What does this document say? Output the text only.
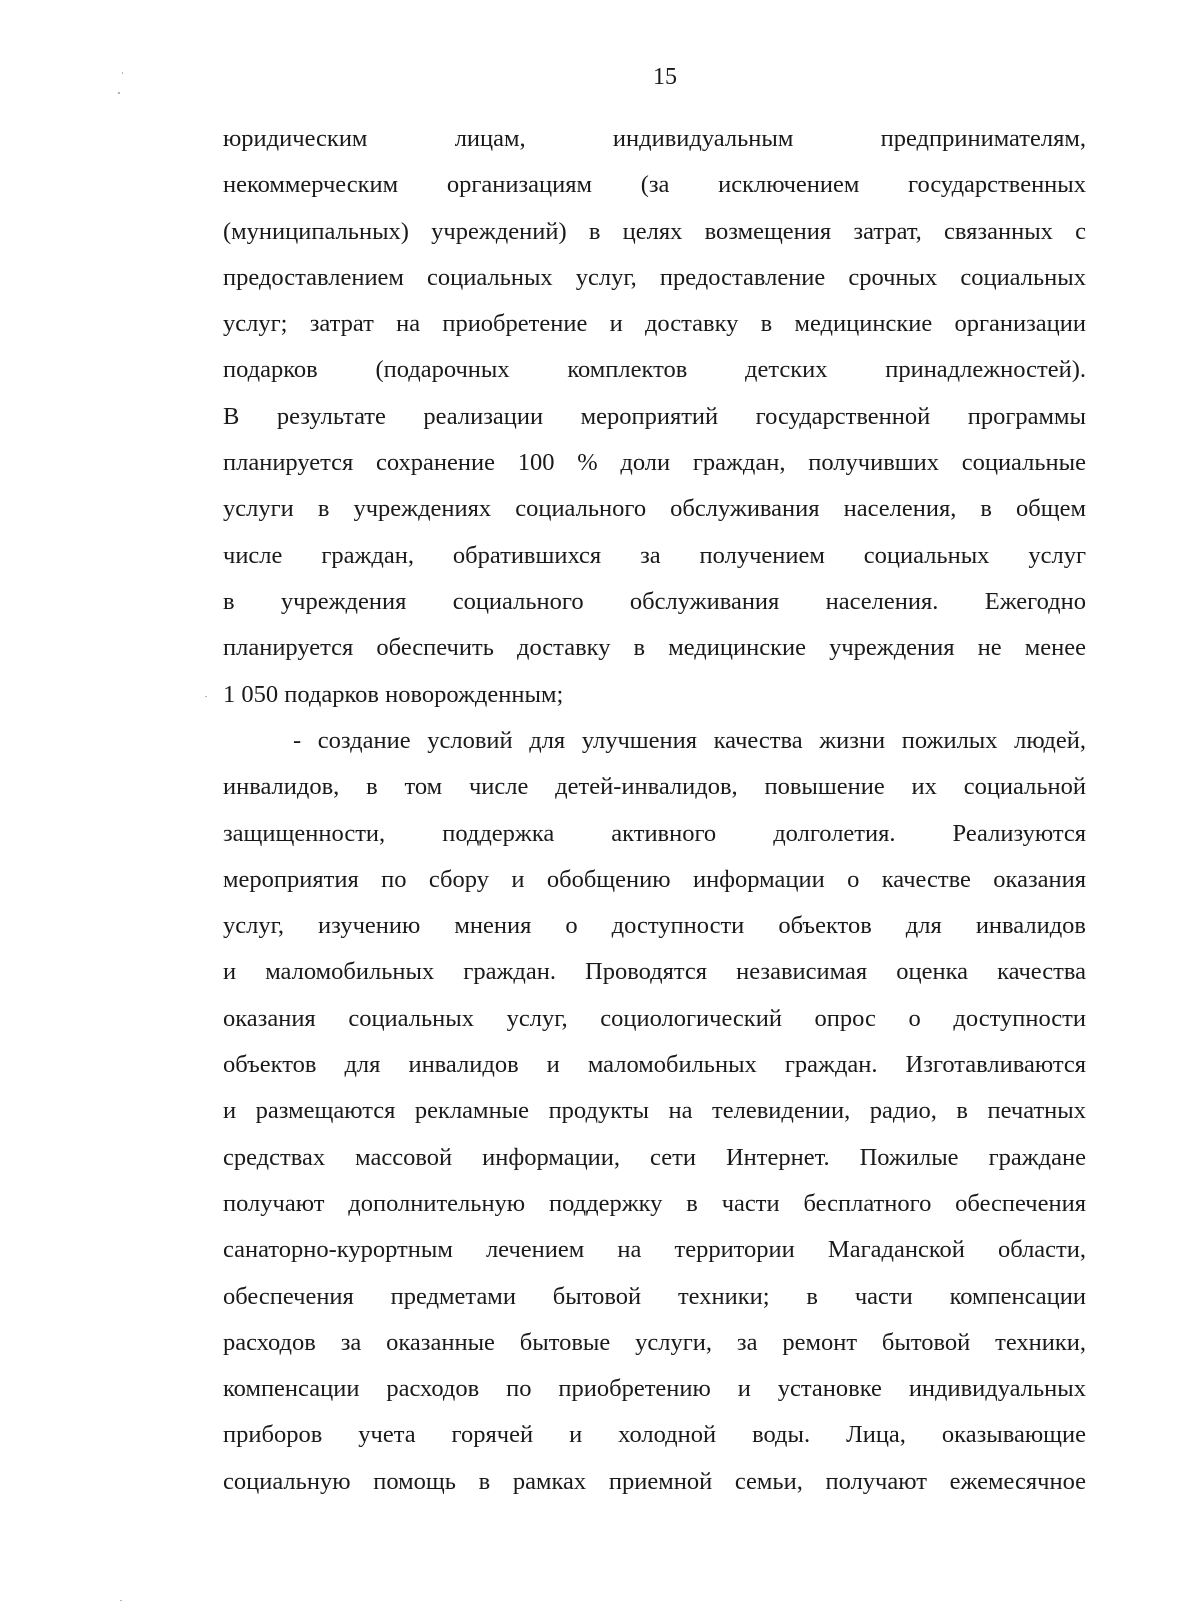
15
юридическим лицам, индивидуальным предпринимателям,
некоммерческим организациям (за исключением государственных
(муниципальных) учреждений) в целях возмещения затрат, связанных с
предоставлением социальных услуг, предоставление срочных социальных
услуг; затрат на приобретение и доставку в медицинские организации
подарков (подарочных комплектов детских принадлежностей).
В результате реализации мероприятий государственной программы
планируется сохранение 100 % доли граждан, получивших социальные
услуги в учреждениях социального обслуживания населения, в общем
числе граждан, обратившихся за получением социальных услуг
в учреждения социального обслуживания населения. Ежегодно
планируется обеспечить доставку в медицинские учреждения не менее
1 050 подарков новорожденным;
- создание условий для улучшения качества жизни пожилых людей,
инвалидов, в том числе детей-инвалидов, повышение их социальной
защищенности, поддержка активного долголетия. Реализуются
мероприятия по сбору и обобщению информации о качестве оказания
услуг, изучению мнения о доступности объектов для инвалидов
и маломобильных граждан. Проводятся независимая оценка качества
оказания социальных услуг, социологический опрос о доступности
объектов для инвалидов и маломобильных граждан. Изготавливаются
и размещаются рекламные продукты на телевидении, радио, в печатных
средствах массовой информации, сети Интернет. Пожилые граждане
получают дополнительную поддержку в части бесплатного обеспечения
санаторно-курортным лечением на территории Магаданской области,
обеспечения предметами бытовой техники; в части компенсации
расходов за оказанные бытовые услуги, за ремонт бытовой техники,
компенсации расходов по приобретению и установке индивидуальных
приборов учета горячей и холодной воды. Лица, оказывающие
социальную помощь в рамках приемной семьи, получают ежемесячное
